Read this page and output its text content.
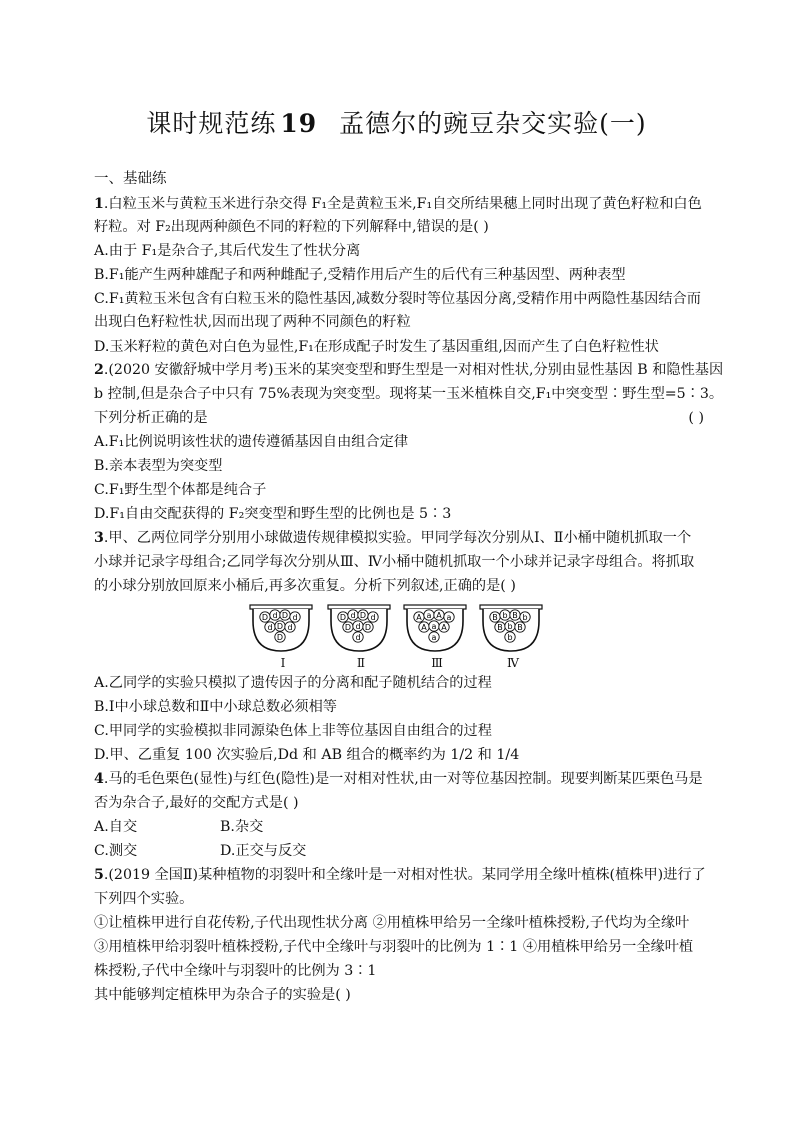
课时规范练 19 孟德尔的豌豆杂交实验(一)
一、基础练
1.白粒玉米与黄粒玉米进行杂交得 F₁全是黄粒玉米,F₁自交所结果穗上同时出现了黄色籽粒和白色
籽粒。对 F₂出现两种颜色不同的籽粒的下列解释中,错误的是( )
A.由于 F₁是杂合子,其后代发生了性状分离
B.F₁能产生两种雄配子和两种雌配子,受精作用后产生的后代有三种基因型、两种表型
C.F₁黄粒玉米包含有白粒玉米的隐性基因,减数分裂时等位基因分离,受精作用中两隐性基因结合而
出现白色籽粒性状,因而出现了两种不同颜色的籽粒
D.玉米籽粒的黄色对白色为显性,F₁在形成配子时发生了基因重组,因而产生了白色籽粒性状
2.(2020 安徽舒城中学月考)玉米的某突变型和野生型是一对相对性状,分别由显性基因 B 和隐性基因
b 控制,但是杂合子中只有 75%表现为突变型。现将某一玉米植株自交,F₁中突变型∶野生型=5∶3。
下列分析正确的是	( )
A.F₁比例说明该性状的遗传遵循基因自由组合定律
B.亲本表型为突变型
C.F₁野生型个体都是纯合子
D.F₁自由交配获得的 F₂突变型和野生型的比例也是 5∶3
3.甲、乙两位同学分别用小球做遗传规律模拟实验。甲同学每次分别从Ⅰ、Ⅱ小桶中随机抓取一个
小球并记录字母组合;乙同学每次分别从Ⅲ、Ⅳ小桶中随机抓取一个小球并记录字母组合。将抓取
的小球分别放回原来小桶后,再多次重复。分析下列叙述,正确的是( )
D d D d
d D d
D
Ⅰ
D d D d
D d D
d
Ⅱ
A a A a
A a A
a
Ⅲ
B b B b
B b B
b
Ⅳ
A.乙同学的实验只模拟了遗传因子的分离和配子随机结合的过程
B.Ⅰ中小球总数和Ⅱ中小球总数必须相等
C.甲同学的实验模拟非同源染色体上非等位基因自由组合的过程
D.甲、乙重复 100 次实验后,Dd 和 AB 组合的概率约为 1/2 和 1/4
4.马的毛色栗色(显性)与红色(隐性)是一对相对性状,由一对等位基因控制。现要判断某匹栗色马是
否为杂合子,最好的交配方式是( )
A.自交	B.杂交
C.测交	D.正交与反交
5.(2019 全国Ⅱ)某种植物的羽裂叶和全缘叶是一对相对性状。某同学用全缘叶植株(植株甲)进行了
下列四个实验。
①让植株甲进行自花传粉,子代出现性状分离 ②用植株甲给另一全缘叶植株授粉,子代均为全缘叶
③用植株甲给羽裂叶植株授粉,子代中全缘叶与羽裂叶的比例为 1∶1 ④用植株甲给另一全缘叶植
株授粉,子代中全缘叶与羽裂叶的比例为 3∶1
其中能够判定植株甲为杂合子的实验是( )
